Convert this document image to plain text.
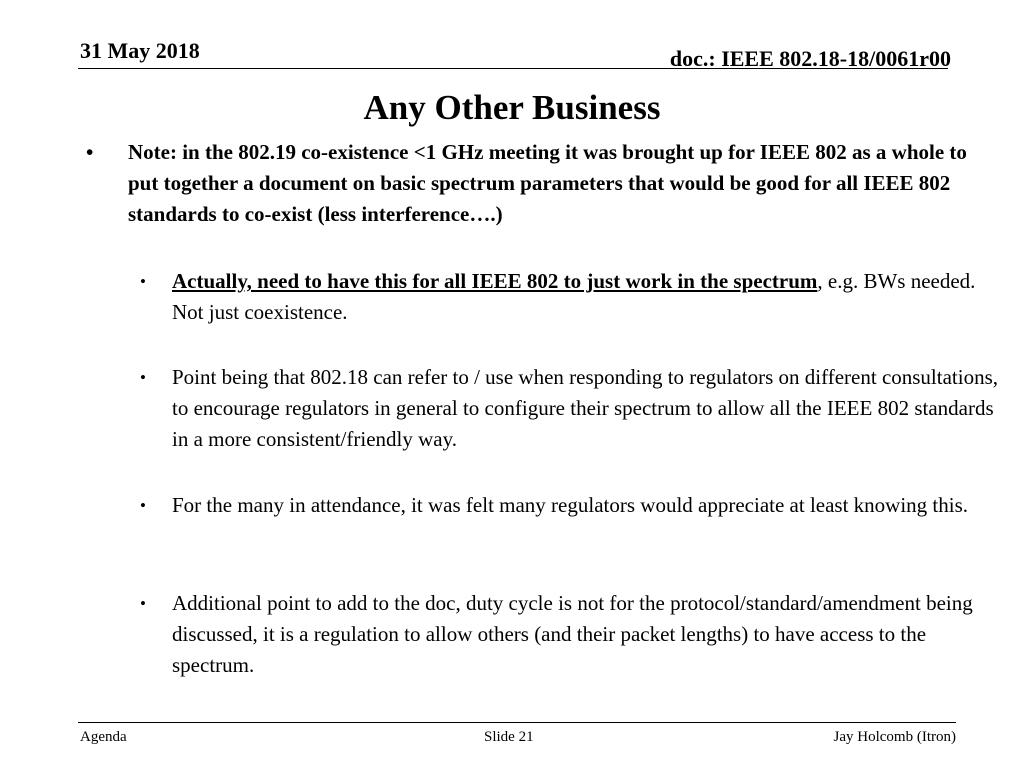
31 May 2018	doc.: IEEE 802.18-18/0061r00
Any Other Business
• Note: in the 802.19 co-existence <1 GHz meeting it was brought up for IEEE 802 as a whole to put together a document on basic spectrum parameters that would be good for all IEEE 802 standards to co-exist (less interference….)
• Actually, need to have this for all IEEE 802 to just work in the spectrum, e.g. BWs needed. Not just coexistence.
• Point being that 802.18 can refer to / use when responding to regulators on different consultations, to encourage regulators in general to configure their spectrum to allow all the IEEE 802 standards in a more consistent/friendly way.
• For the many in attendance, it was felt many regulators would appreciate at least knowing this.
• Additional point to add to the doc, duty cycle is not for the protocol/standard/amendment being discussed, it is a regulation to allow others (and their packet lengths) to have access to the spectrum.
Agenda	Slide 21	Jay Holcomb (Itron)
